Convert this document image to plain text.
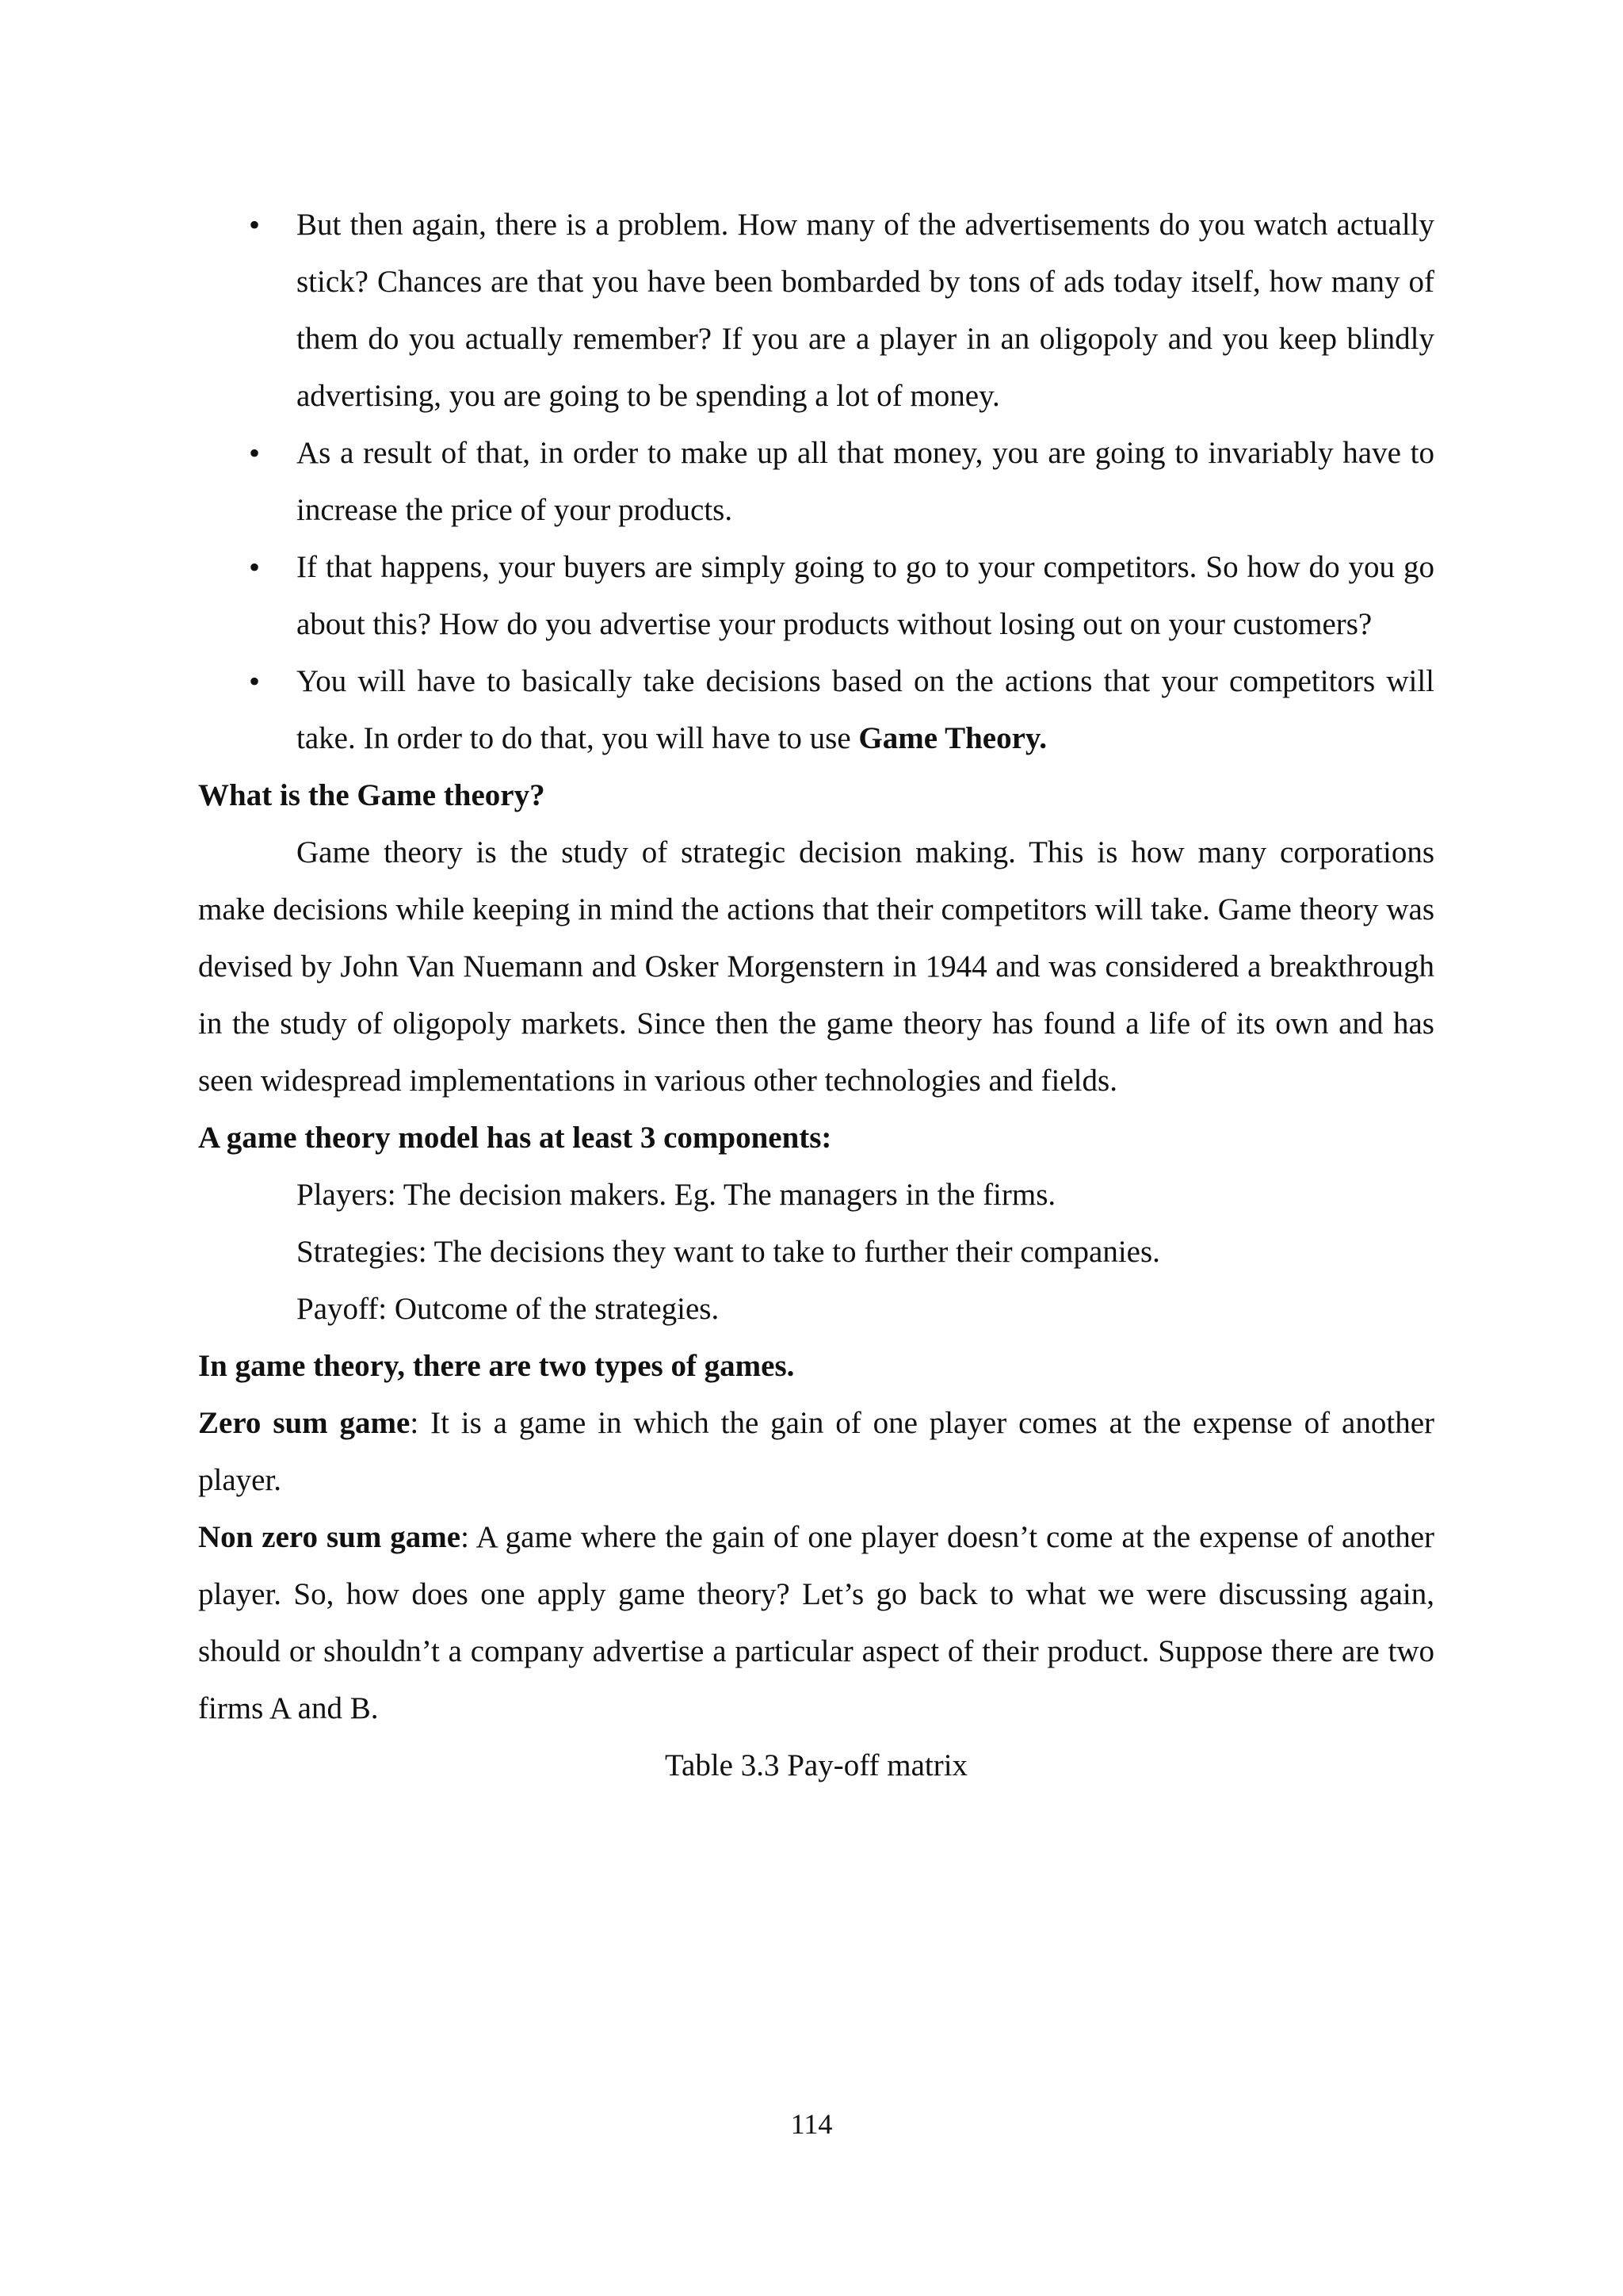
• But then again, there is a problem. How many of the advertisements do you watch actually stick? Chances are that you have been bombarded by tons of ads today itself, how many of them do you actually remember? If you are a player in an oligopoly and you keep blindly advertising, you are going to be spending a lot of money.
• As a result of that, in order to make up all that money, you are going to invariably have to increase the price of your products.
• If that happens, your buyers are simply going to go to your competitors. So how do you go about this? How do you advertise your products without losing out on your customers?
• You will have to basically take decisions based on the actions that your competitors will take. In order to do that, you will have to use Game Theory.

What is the Game theory?

Game theory is the study of strategic decision making. This is how many corporations make decisions while keeping in mind the actions that their competitors will take. Game theory was devised by John Van Nuemann and Osker Morgenstern in 1944 and was considered a breakthrough in the study of oligopoly markets. Since then the game theory has found a life of its own and has seen widespread implementations in various other technologies and fields.

A game theory model has at least 3 components:

Players: The decision makers. Eg. The managers in the firms.

Strategies: The decisions they want to take to further their companies.

Payoff: Outcome of the strategies.

In game theory, there are two types of games.

Zero sum game: It is a game in which the gain of one player comes at the expense of another player.

Non zero sum game: A game where the gain of one player doesn’t come at the expense of another player. So, how does one apply game theory? Let’s go back to what we were discussing again, should or shouldn’t a company advertise a particular aspect of their product. Suppose there are two firms A and B.

Table 3.3 Pay-off matrix

114
